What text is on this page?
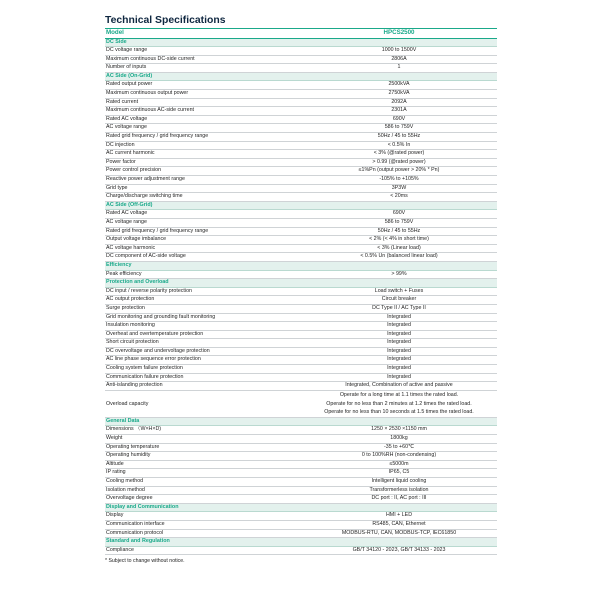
Technical Specifications
Model	HPCS2500
DC Side	
DC voltage range	1000 to 1500V
Maximum continuous DC-side current	2806A
Number of inputs	1
AC Side (On-Grid)	
Rated output power	2500kVA
Maximum continuous output power	2750kVA
Rated current	2092A
Maximum continuous AC-side current	2301A
Rated AC voltage	690V
AC voltage range	586 to 759V
Rated grid frequency / grid frequency range	50Hz / 45 to 55Hz
DC injection	< 0.5% In
AC current harmonic	< 3% (@rated power)
Power factor	> 0.99 (@rated power)
Power control precision	≤1%Pn (output power > 20% * Pn)
Reactive power adjustment range	-105% to +105%
Grid type	3P3W
Charge/discharge switching time	< 20ms
AC Side (Off-Grid)	
Rated AC voltage	690V
AC voltage range	586 to 759V
Rated grid frequency / grid frequency range	50Hz / 45 to 55Hz
Output voltage imbalance	< 2% (< 4% in short time)
AC voltage harmonic	< 3% (Linear load)
DC component of AC-side voltage	< 0.5% Un (balanced linear load)
Efficiency	
Peak efficiency	> 99%
Protection and Overload	
DC input / reverse polarity protection	Load switch + Fuses
AC output protection	Circuit breaker
Surge protection	DC Type II / AC Type II
Grid monitoring and grounding fault monitoring	Integrated
Insulation monitoring	Integrated
Overheat and overtemperature protection	Integrated
Short circuit protection	Integrated
DC overvoltage and undervoltage protection	Integrated
AC line phase sequence error protection	Integrated
Cooling system failure protection	Integrated
Communication failure protection	Integrated
Anti-islanding protection	Integrated, Combination of active and passive
Overload capacity	Operate for a long time at 1.1 times the rated load.
Operate for no less than 2 minutes at 1.2 times the rated load.
Operate for no less than 10 seconds at 1.5 times the rated load.
General Data	
Dimensions （W×H×D)	1250 × 2530 ×1150 mm
Weight	1800kg
Operating temperature	-35 to +60℃
Operating humidity	0 to 100%RH (non-condensing)
Altitude	≤5000m
IP rating	IP65, C5
Cooling method	Intelligent liquid cooling
Isolation method	Transformerless isolation
Overvoltage degree	DC port : II, AC port : III
Display and Communication	
Display	HMI + LED
Communication interface	RS485, CAN, Ethernet
Communication protocol	MODBUS-RTU, CAN, MODBUS-TCP, IEC61850
Standard and Regulation	
Compliance	GB/T 34120 - 2023, GB/T 34133 - 2023
* Subject to change without notice.
